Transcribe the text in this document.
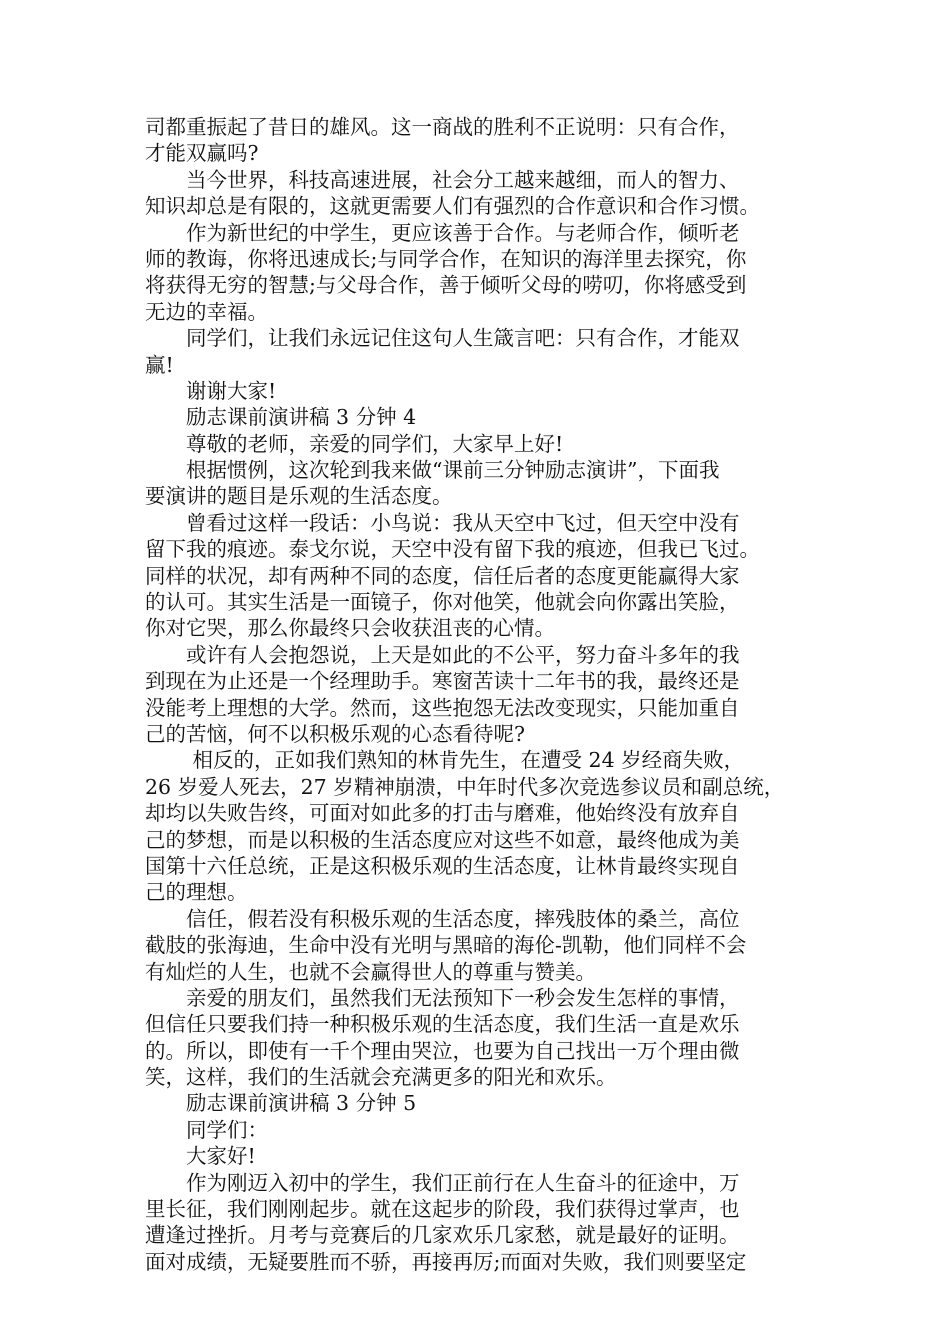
司都重振起了昔日的雄风。这一商战的胜利不正说明：只有合作，
才能双赢吗?
　　当今世界，科技高速进展，社会分工越来越细，而人的智力、
知识却总是有限的，这就更需要人们有强烈的合作意识和合作习惯。
　　作为新世纪的中学生，更应该善于合作。与老师合作，倾听老
师的教诲，你将迅速成长;与同学合作，在知识的海洋里去探究，你
将获得无穷的智慧;与父母合作，善于倾听父母的唠叨，你将感受到
无边的幸福。
　　同学们，让我们永远记住这句人生箴言吧：只有合作，才能双
赢!
　　谢谢大家!
　　励志课前演讲稿 3 分钟 4
　　尊敬的老师，亲爱的同学们，大家早上好!
　　根据惯例，这次轮到我来做“课前三分钟励志演讲”，下面我
要演讲的题目是乐观的生活态度。
　　曾看过这样一段话：小鸟说：我从天空中飞过，但天空中没有
留下我的痕迹。泰戈尔说，天空中没有留下我的痕迹，但我已飞过。
同样的状况，却有两种不同的态度，信任后者的态度更能赢得大家
的认可。其实生活是一面镜子，你对他笑，他就会向你露出笑脸，
你对它哭，那么你最终只会收获沮丧的心情。
　　或许有人会抱怨说，上天是如此的不公平，努力奋斗多年的我
到现在为止还是一个经理助手。寒窗苦读十二年书的我，最终还是
没能考上理想的大学。然而，这些抱怨无法改变现实，只能加重自
己的苦恼，何不以积极乐观的心态看待呢?
　　 相反的，正如我们熟知的林肯先生，在遭受 24 岁经商失败，
26 岁爱人死去，27 岁精神崩溃，中年时代多次竞选参议员和副总统，
却均以失败告终，可面对如此多的打击与磨难，他始终没有放弃自
己的梦想，而是以积极的生活态度应对这些不如意，最终他成为美
国第十六任总统，正是这积极乐观的生活态度，让林肯最终实现自
己的理想。
　　信任，假若没有积极乐观的生活态度，摔残肢体的桑兰，高位
截肢的张海迪，生命中没有光明与黑暗的海伦-凯勒，他们同样不会
有灿烂的人生，也就不会赢得世人的尊重与赞美。
　　亲爱的朋友们，虽然我们无法预知下一秒会发生怎样的事情，
但信任只要我们持一种积极乐观的生活态度，我们生活一直是欢乐
的。所以，即使有一千个理由哭泣，也要为自己找出一万个理由微
笑，这样，我们的生活就会充满更多的阳光和欢乐。
　　励志课前演讲稿 3 分钟 5
　　同学们：
　　大家好!
　　作为刚迈入初中的学生，我们正前行在人生奋斗的征途中，万
里长征，我们刚刚起步。就在这起步的阶段，我们获得过掌声，也
遭逢过挫折。月考与竞赛后的几家欢乐几家愁，就是最好的证明。
面对成绩，无疑要胜而不骄，再接再厉;而面对失败，我们则要坚定
